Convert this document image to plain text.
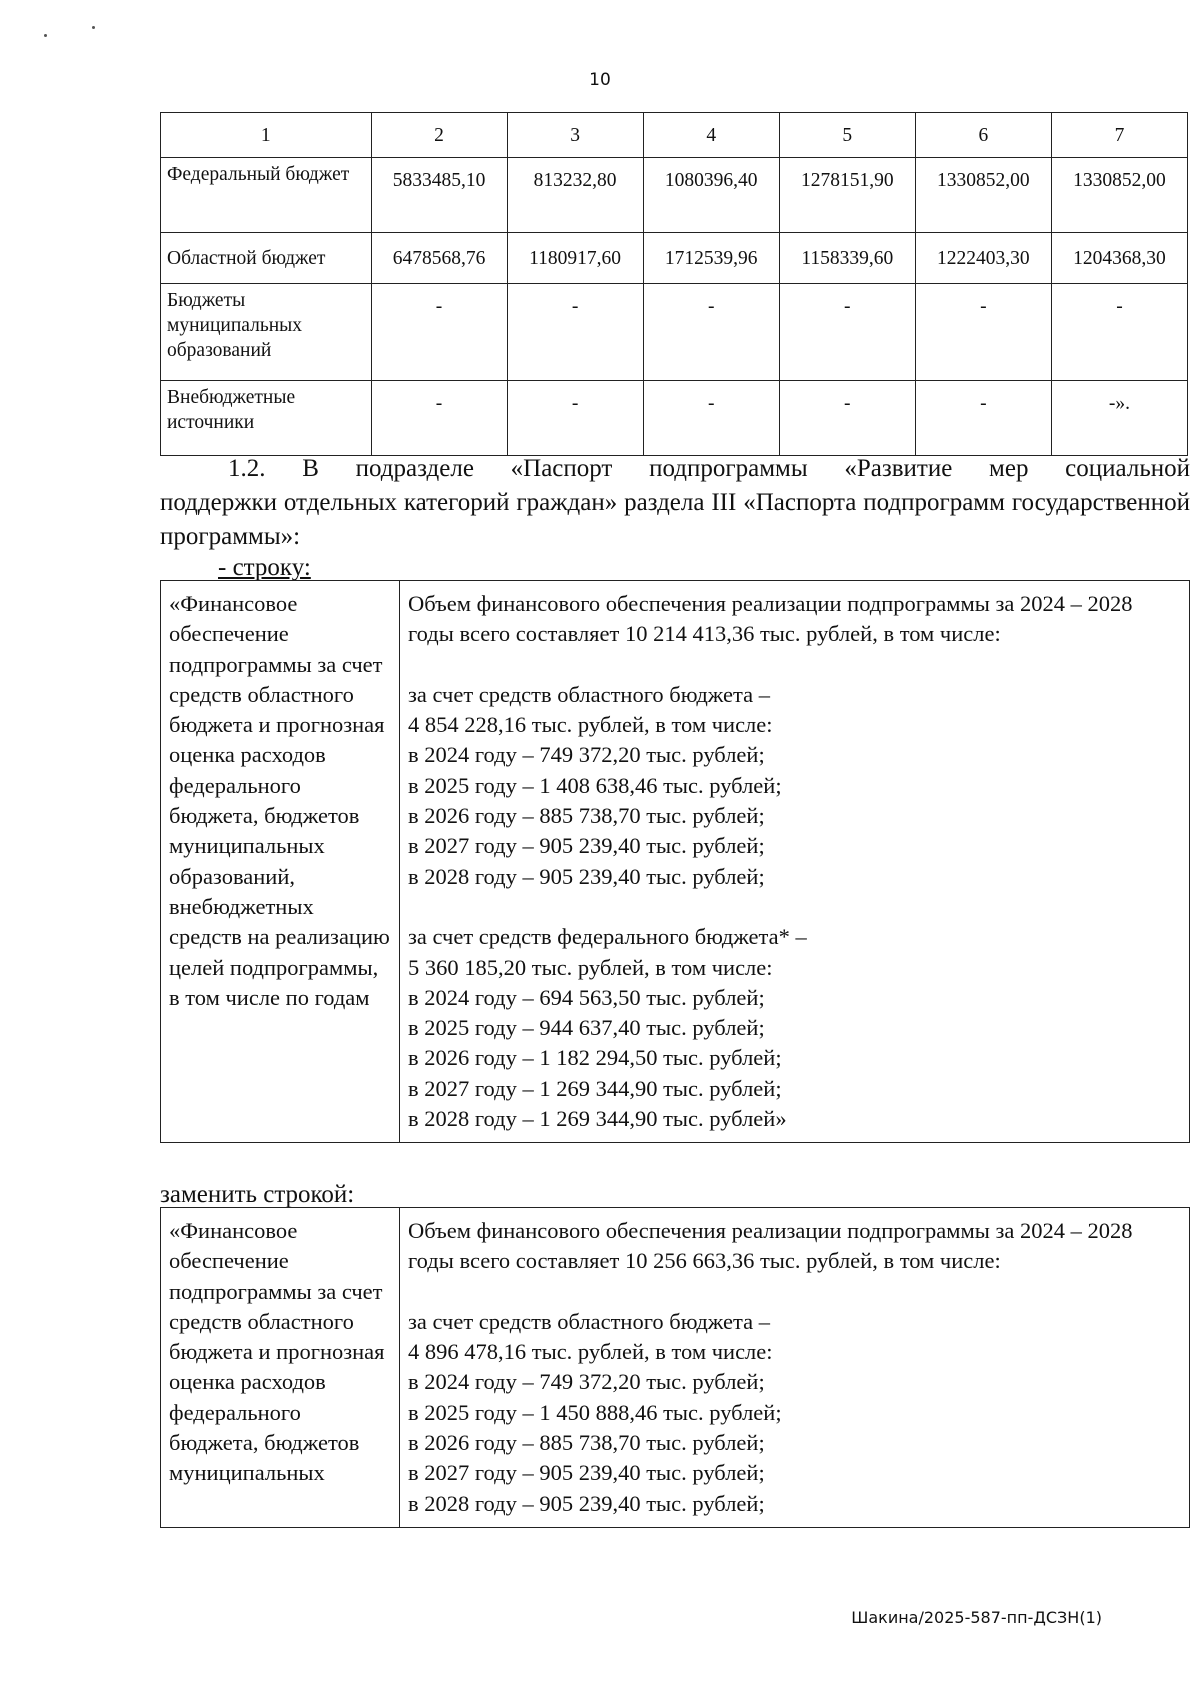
10
1	2	3	4	5	6	7
Федеральный бюджет	5833485,10	813232,80	1080396,40	1278151,90	1330852,00	1330852,00
Областной бюджет	6478568,76	1180917,60	1712539,96	1158339,60	1222403,30	1204368,30
Бюджеты муниципальных образований	-	-	-	-	-	-
Внебюджетные источники	-	-	-	-	-	-».

1.2. В подразделе «Паспорт подпрограммы «Развитие мер социальной
поддержки отдельных категорий граждан» раздела III «Паспорта подпрограмм государственной программы»:

- строку:

«Финансовое обеспечение подпрограммы за счет средств областного бюджета и прогнозная оценка расходов федерального бюджета, бюджетов муниципальных образований, внебюджетных средств на реализацию целей подпрограммы, в том числе по годам	

Объем финансового обеспечения реализации подпрограммы за 2024 – 2028 годы всего составляет 10 214 413,36 тыс. рублей, в том числе:

за счет средств областного бюджета –

4 854 228,16 тыс. рублей, в том числе:

в 2024 году – 749 372,20 тыс. рублей;

в 2025 году – 1 408 638,46 тыс. рублей;

в 2026 году – 885 738,70 тыс. рублей;

в 2027 году – 905 239,40 тыс. рублей;

в 2028 году – 905 239,40 тыс. рублей;

за счет средств федерального бюджета* –

5 360 185,20 тыс. рублей, в том числе:

в 2024 году – 694 563,50 тыс. рублей;

в 2025 году – 944 637,40 тыс. рублей;

в 2026 году – 1 182 294,50 тыс. рублей;

в 2027 году – 1 269 344,90 тыс. рублей;

в 2028 году – 1 269 344,90 тыс. рублей»

заменить строкой:

«Финансовое обеспечение подпрограммы за счет средств областного бюджета и прогнозная оценка расходов федерального бюджета, бюджетов муниципальных	

Объем финансового обеспечения реализации подпрограммы за 2024 – 2028 годы всего составляет 10 256 663,36 тыс. рублей, в том числе:

за счет средств областного бюджета –

4 896 478,16 тыс. рублей, в том числе:

в 2024 году – 749 372,20 тыс. рублей;

в 2025 году – 1 450 888,46 тыс. рублей;

в 2026 году – 885 738,70 тыс. рублей;

в 2027 году – 905 239,40 тыс. рублей;

в 2028 году – 905 239,40 тыс. рублей;

Шакина/2025-587-пп-ДСЗН(1)
